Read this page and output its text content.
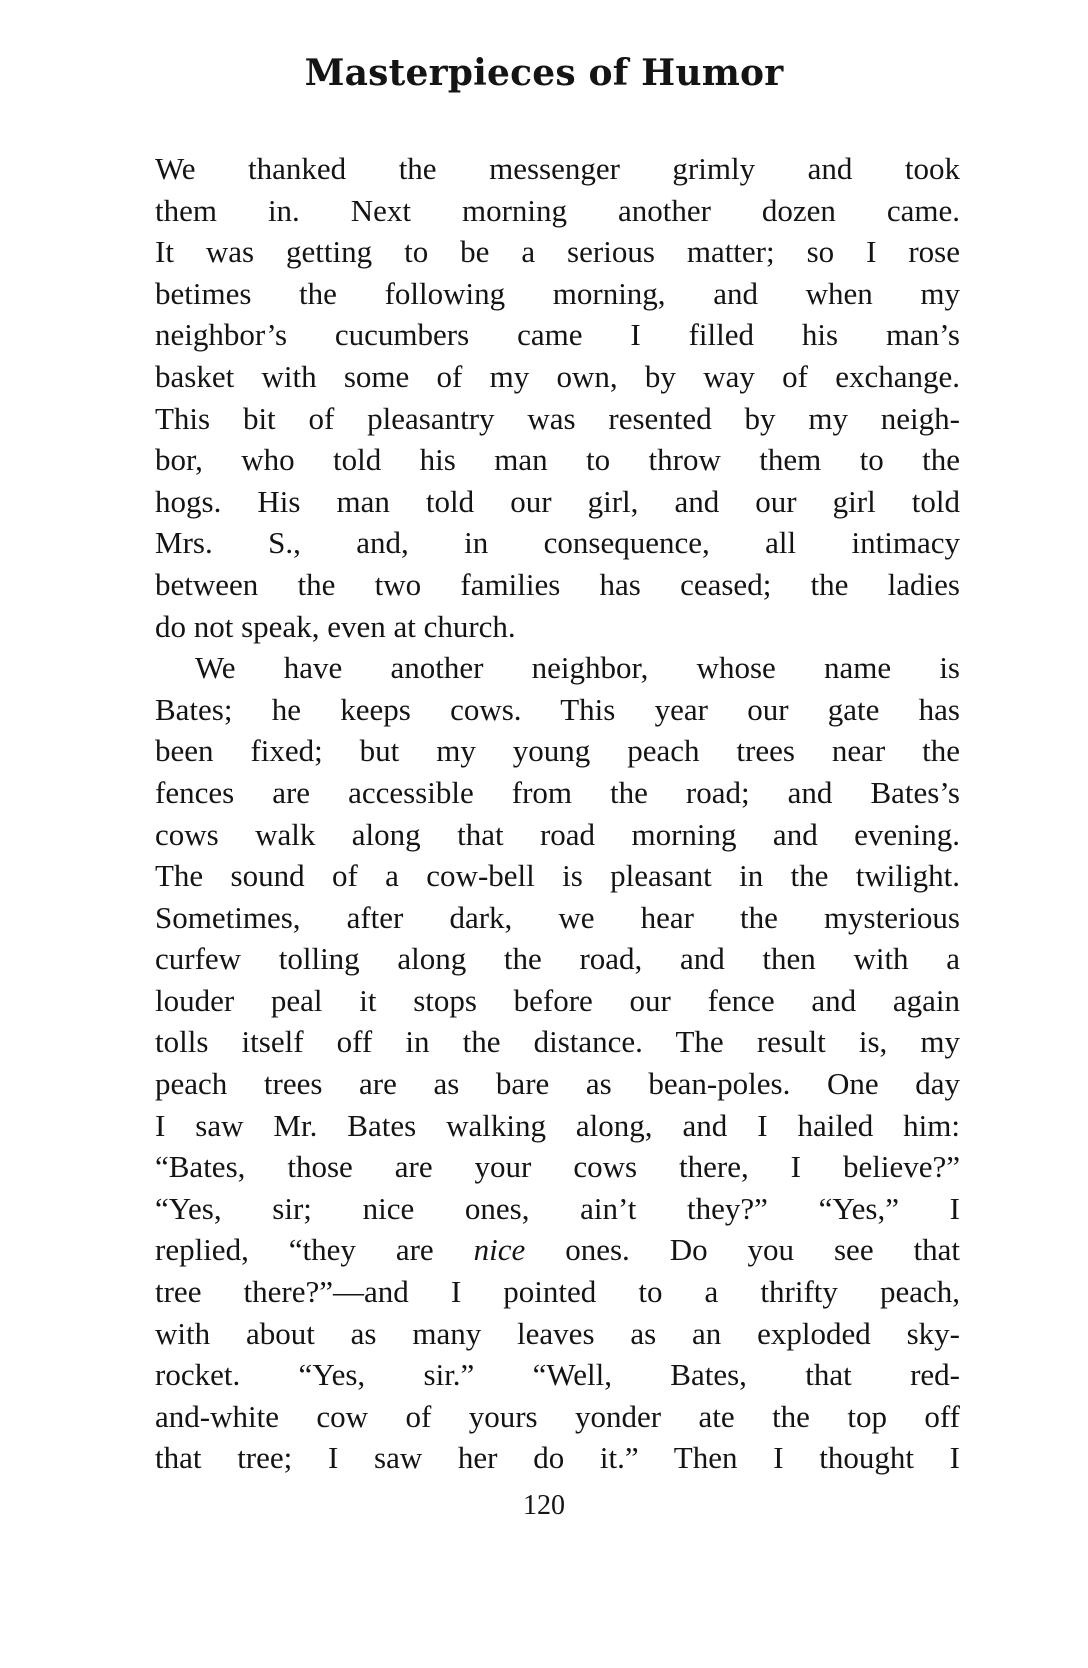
Masterpieces of Humor
We thanked the messenger grimly and took
them in. Next morning another dozen came.
It was getting to be a serious matter; so I rose
betimes the following morning, and when my
neighbor’s cucumbers came I filled his man’s
basket with some of my own, by way of exchange.
This bit of pleasantry was resented by my neigh-
bor, who told his man to throw them to the
hogs. His man told our girl, and our girl told
Mrs. S., and, in consequence, all intimacy
between the two families has ceased; the ladies
do not speak, even at church.
We have another neighbor, whose name is
Bates; he keeps cows. This year our gate has
been fixed; but my young peach trees near the
fences are accessible from the road; and Bates’s
cows walk along that road morning and evening.
The sound of a cow-bell is pleasant in the twilight.
Sometimes, after dark, we hear the mysterious
curfew tolling along the road, and then with a
louder peal it stops before our fence and again
tolls itself off in the distance. The result is, my
peach trees are as bare as bean-poles. One day
I saw Mr. Bates walking along, and I hailed him:
“Bates, those are your cows there, I believe?”
“Yes, sir; nice ones, ain’t they?” “Yes,” I
replied, “they are nice ones. Do you see that
tree there?”—and I pointed to a thrifty peach,
with about as many leaves as an exploded sky-
rocket. “Yes, sir.” “Well, Bates, that red-
and-white cow of yours yonder ate the top off
that tree; I saw her do it.” Then I thought I

120
